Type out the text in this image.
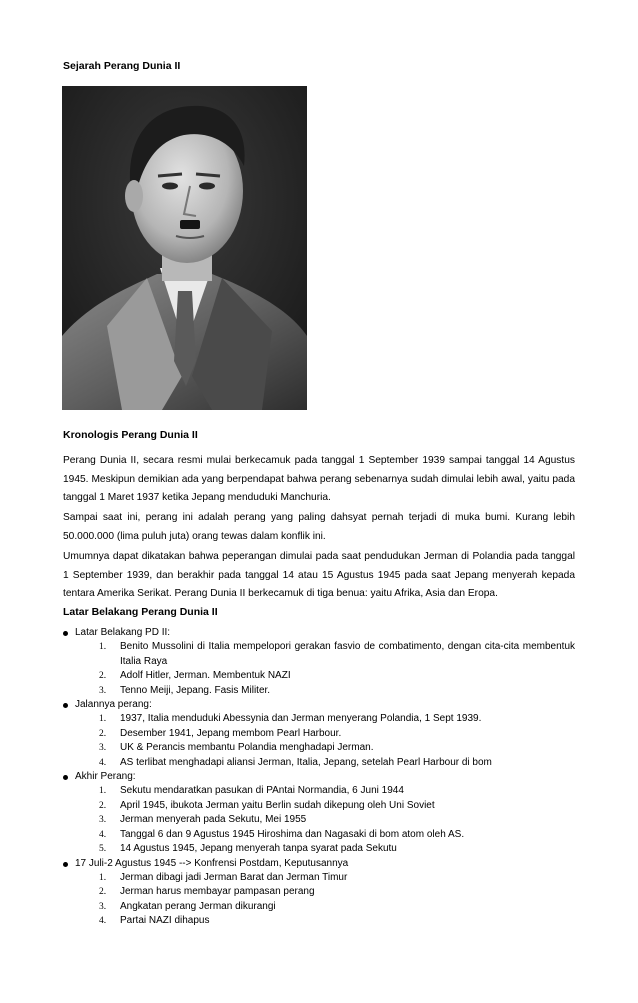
Sejarah Perang Dunia II
Kronologis Perang Dunia II
Perang Dunia II, secara resmi mulai berkecamuk pada tanggal 1 September 1939 sampai tanggal 14 Agustus 1945. Meskipun demikian ada yang berpendapat bahwa perang sebenarnya sudah dimulai lebih awal, yaitu pada tanggal 1 Maret 1937 ketika Jepang menduduki Manchuria.
Sampai saat ini, perang ini adalah perang yang paling dahsyat pernah terjadi di muka bumi. Kurang lebih 50.000.000 (lima puluh juta) orang tewas dalam konflik ini.
Umumnya dapat dikatakan bahwa peperangan dimulai pada saat pendudukan Jerman di Polandia pada tanggal 1 September 1939, dan berakhir pada tanggal 14 atau 15 Agustus 1945 pada saat Jepang menyerah kepada tentara Amerika Serikat. Perang Dunia II berkecamuk di tiga benua: yaitu Afrika, Asia dan Eropa.
Latar Belakang Perang Dunia II
Latar Belakang PD II:
1. Benito Mussolini di Italia mempelopori gerakan fasvio de combatimento, dengan cita-cita membentuk Italia Raya
2. Adolf Hitler, Jerman. Membentuk NAZI
3. Tenno Meiji, Jepang. Fasis Militer.
Jalannya perang:
1. 1937, Italia menduduki Abessynia dan Jerman menyerang Polandia, 1 Sept 1939.
2. Desember 1941, Jepang membom Pearl Harbour.
3. UK & Perancis membantu Polandia menghadapi Jerman.
4. AS terlibat menghadapi aliansi Jerman, Italia, Jepang, setelah Pearl Harbour di bom
Akhir Perang:
1. Sekutu mendaratkan pasukan di PAntai Normandia, 6 Juni 1944
2. April 1945, ibukota Jerman yaitu Berlin sudah dikepung oleh Uni Soviet
3. Jerman menyerah pada Sekutu, Mei 1955
4. Tanggal 6 dan 9 Agustus 1945 Hiroshima dan Nagasaki di bom atom oleh AS.
5. 14 Agustus 1945, Jepang menyerah tanpa syarat pada Sekutu
17 Juli-2 Agustus 1945 --> Konfrensi Postdam, Keputusannya
1. Jerman dibagi jadi Jerman Barat dan Jerman Timur
2. Jerman harus membayar pampasan perang
3. Angkatan perang Jerman dikurangi
4. Partai NAZI dihapus
